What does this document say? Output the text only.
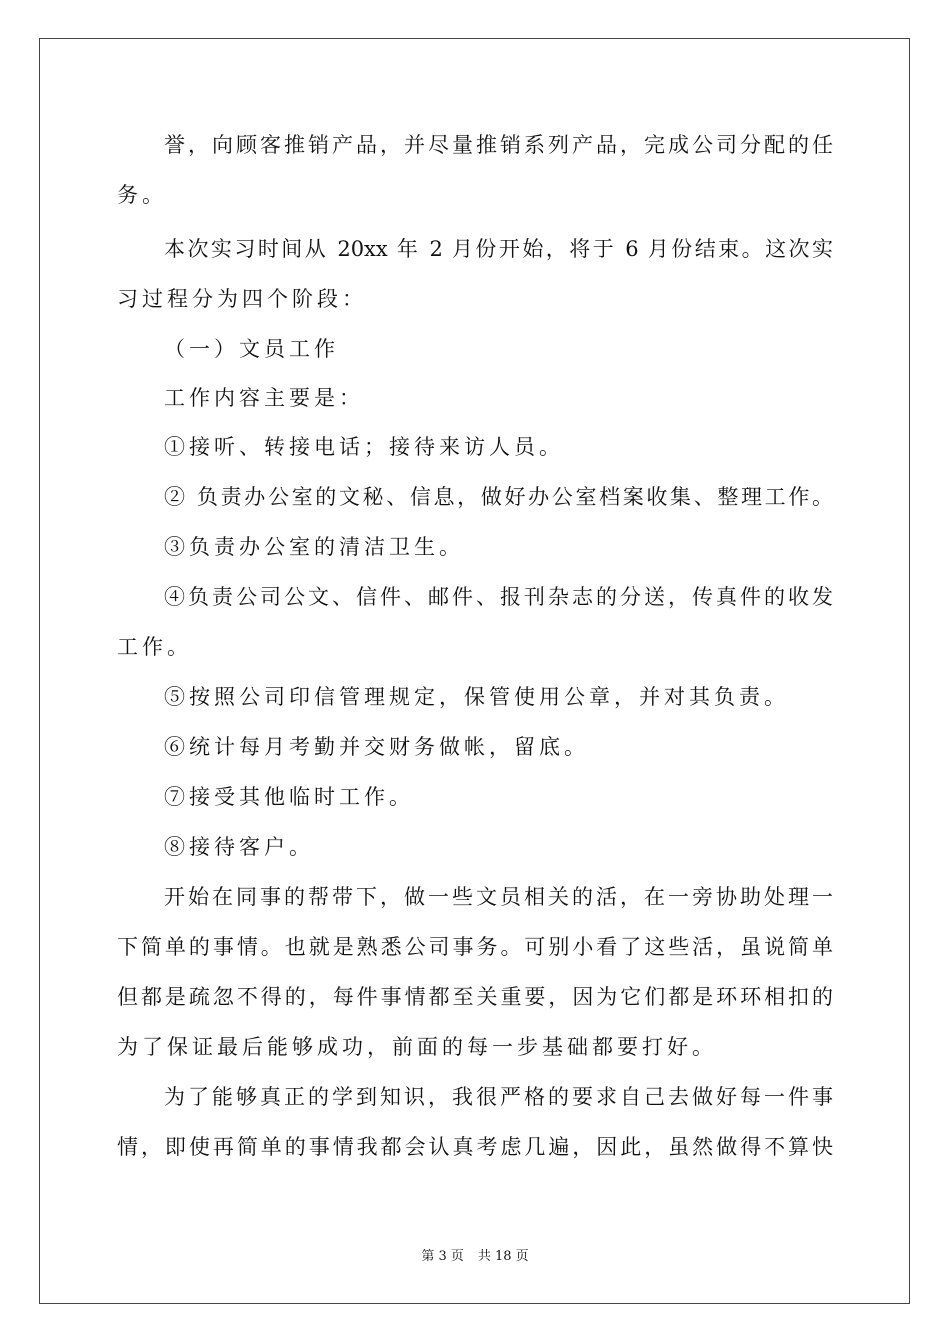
誉，向顾客推销产品，并尽量推销系列产品，完成公司分配的任
务。
本次实习时间从 20xx 年 2 月份开始，将于 6 月份结束。这次实
习过程分为四个阶段：
（一）文员工作
工作内容主要是：
①接听、转接电话；接待来访人员。
② 负责办公室的文秘、信息，做好办公室档案收集、整理工作。
③负责办公室的清洁卫生。
④负责公司公文、信件、邮件、报刊杂志的分送，传真件的收发
工作。
⑤按照公司印信管理规定，保管使用公章，并对其负责。
⑥统计每月考勤并交财务做帐，留底。
⑦接受其他临时工作。
⑧接待客户。
开始在同事的帮带下，做一些文员相关的活，在一旁协助处理一
下简单的事情。也就是熟悉公司事务。可别小看了这些活，虽说简单
但都是疏忽不得的，每件事情都至关重要，因为它们都是环环相扣的
为了保证最后能够成功，前面的每一步基础都要打好。
为了能够真正的学到知识，我很严格的要求自己去做好每一件事
情，即使再简单的事情我都会认真考虑几遍，因此，虽然做得不算快
第 3 页 共 18 页
